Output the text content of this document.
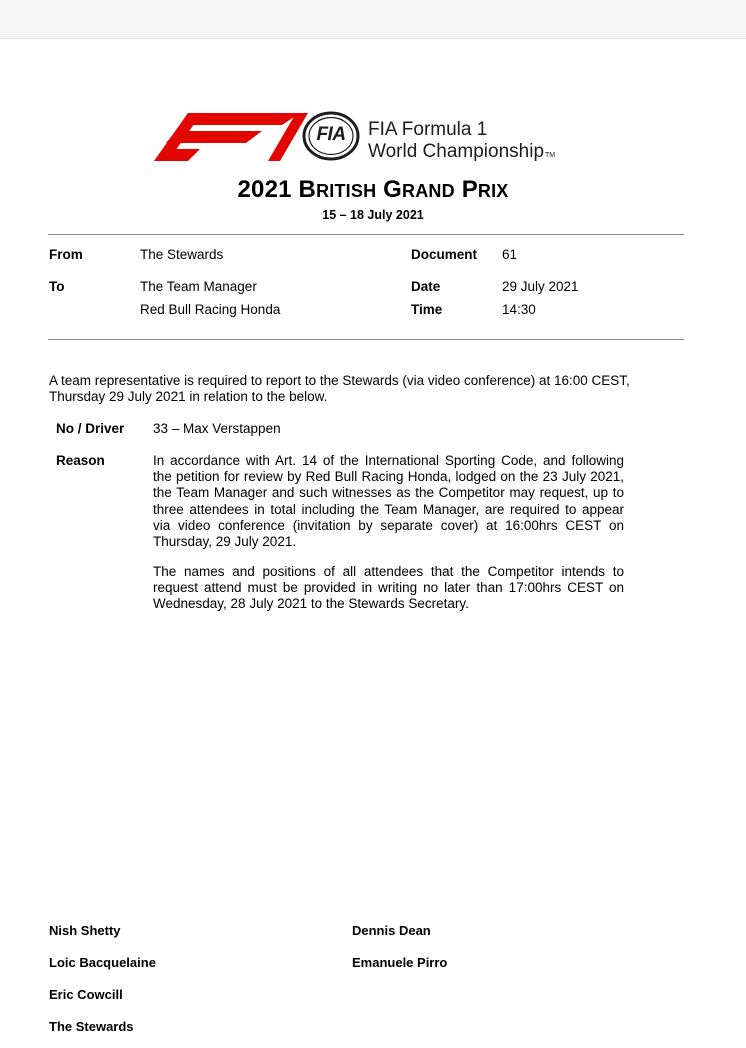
FIA	FIA Formula 1
World ChampionshipTM
2021 BRITISH GRAND PRIX
15 – 18 July 2021
From	The Stewards	Document 61
To	The Team Manager	Date	29 July 2021
Red Bull Racing Honda	Time	14:30
A team representative is required to report to the Stewards (via video conference) at 16:00 CEST,
Thursday 29 July 2021 in relation to the below.
No / Driver 33 – Max Verstappen
Reason	In accordance with Art. 14 of the International Sporting Code, and following
the petition for review by Red Bull Racing Honda, lodged on the 23 July 2021,
the Team Manager and such witnesses as the Competitor may request, up to
three attendees in total including the Team Manager, are required to appear
via video conference (invitation by separate cover) at 16:00hrs CEST on
Thursday, 29 July 2021.
The names and positions of all attendees that the Competitor intends to
request attend must be provided in writing no later than 17:00hrs CEST on
Wednesday, 28 July 2021 to the Stewards Secretary.
Nish Shetty
Loic Bacquelaine
Eric Cowcill
The Stewards
Dennis Dean
Emanuele Pirro
